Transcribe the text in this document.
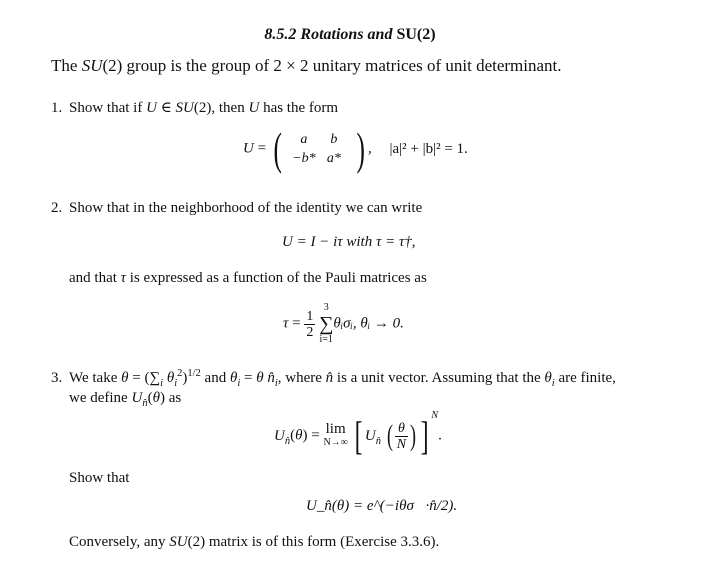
8.5.2 Rotations and SU(2)
The SU(2) group is the group of 2 × 2 unitary matrices of unit determinant.
1. Show that if U ∈ SU(2), then U has the form
U = (	a b
−b* a* ) , |a|² + |b|² = 1.
2. Show that in the neighborhood of the identity we can write
U = I − iτ with τ = τ†,
and that τ is expressed as a function of the Pauli matrices as
$\tau = \frac{1}{2}$
3
∑
i=1θᵢσᵢ, θᵢ → 0.
3. We take $\theta = (\sum_i$ $\theta_i^2)^{1/2}$ and $\theta_i = \theta$ $n̂_i$, where n̂ is a unit vector. Assuming that the $\theta_i$ are finite,
we define $U_{n̂}(\theta)$ as
$U_{n̂}(\theta) = \lim$
N→∞ [ $U_{n̂}$ ( $\frac{\theta}{N}$ ) ] $^N$.
Show that
U_n̂(θ) = e^(−iθσ⃗·n̂/2).
Conversely, any SU(2) matrix is of this form (Exercise 3.3.6).
